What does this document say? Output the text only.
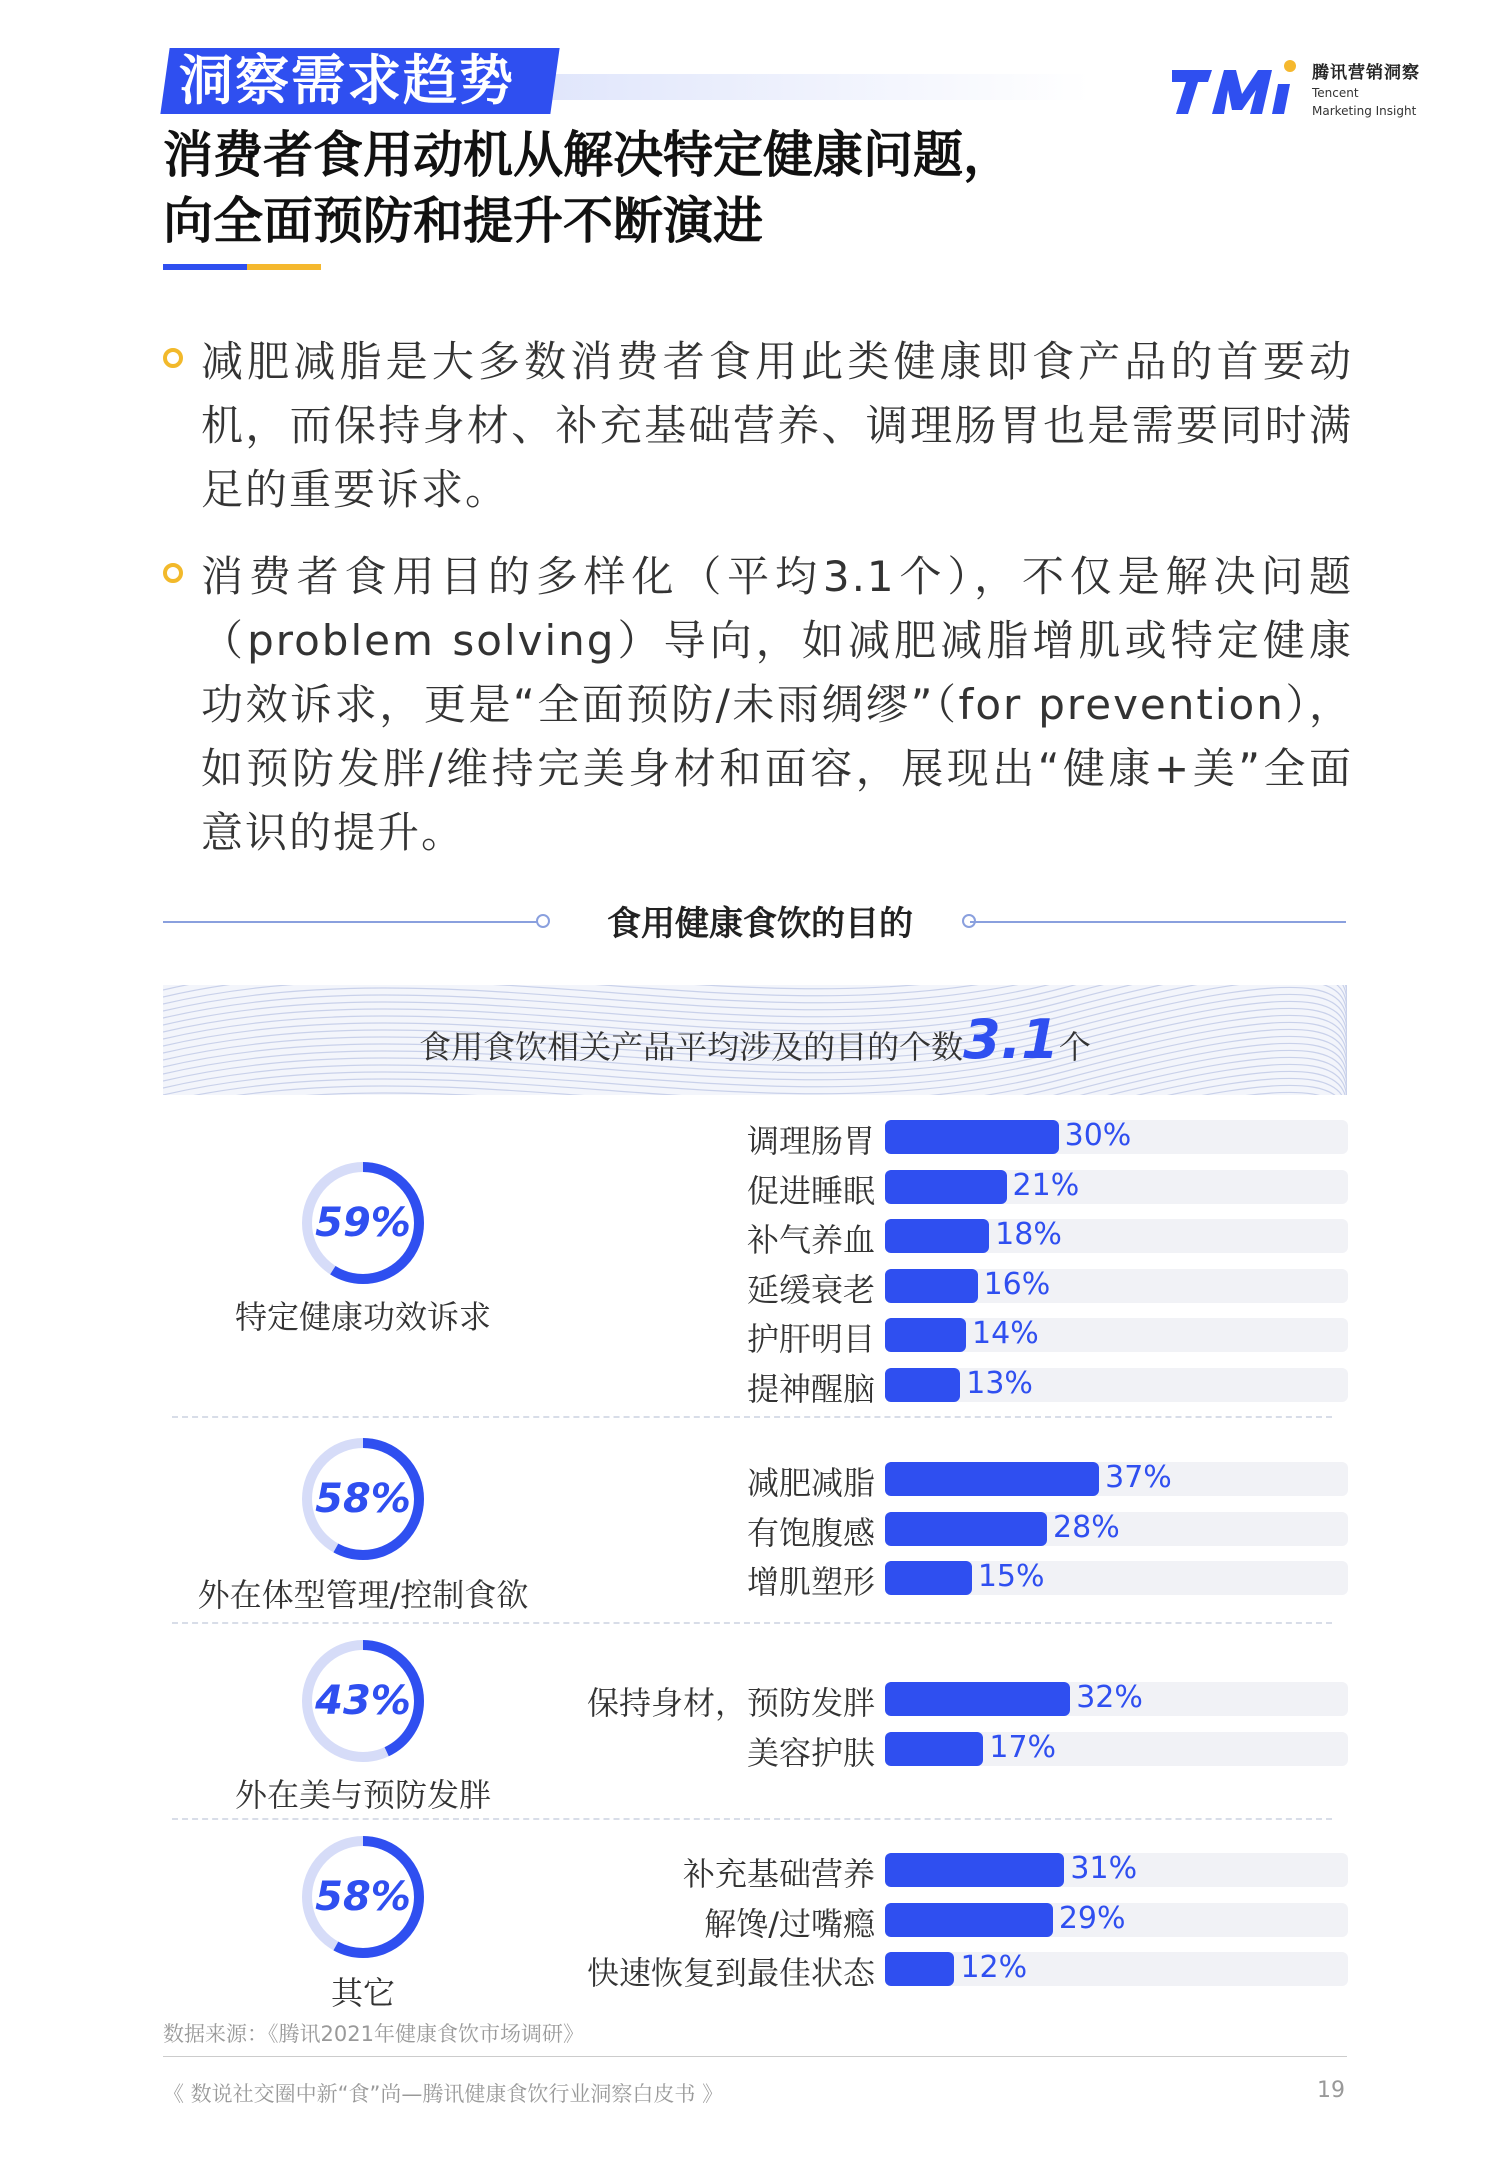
洞察需求趋势	腾讯营销洞察
Tencent
Marketing Insight
消费者食用动机从解决特定健康问题，
向全面预防和提升不断演进
减肥减脂是大多数消费者食用此类健康即食产品的首要动机，而保持身材、补充基础营养、调理肠胃也是需要同时满足的重要诉求。
消费者食用目的多样化（平均3.1个），不仅是解决问题（problem solving）导向，如减肥减脂增肌或特定健康功效诉求，更是“全面预防/未雨绸缪”（for prevention），如预防发胖/维持完美身材和面容，展现出“健康+美”全面意识的提升。
食用健康食饮的目的
食用食饮相关产品平均涉及的目的个数3.1个
59%
特定健康功效诉求
调理肠胃	30%
促进睡眠	21%
补气养血	18%
延缓衰老	16%
护肝明目	14%
提神醒脑	13%
58%
外在体型管理/控制食欲
减肥减脂	37%
有饱腹感	28%
增肌塑形	15%
43%
外在美与预防发胖
保持身材，预防发胖	32%
美容护肤	17%
58%
其它
补充基础营养	31%
解馋/过嘴瘾	29%
快速恢复到最佳状态	12%
数据来源：《腾讯2021年健康食饮市场调研》
《 数说社交圈中新“食”尚—腾讯健康食饮行业洞察白皮书 》	19
